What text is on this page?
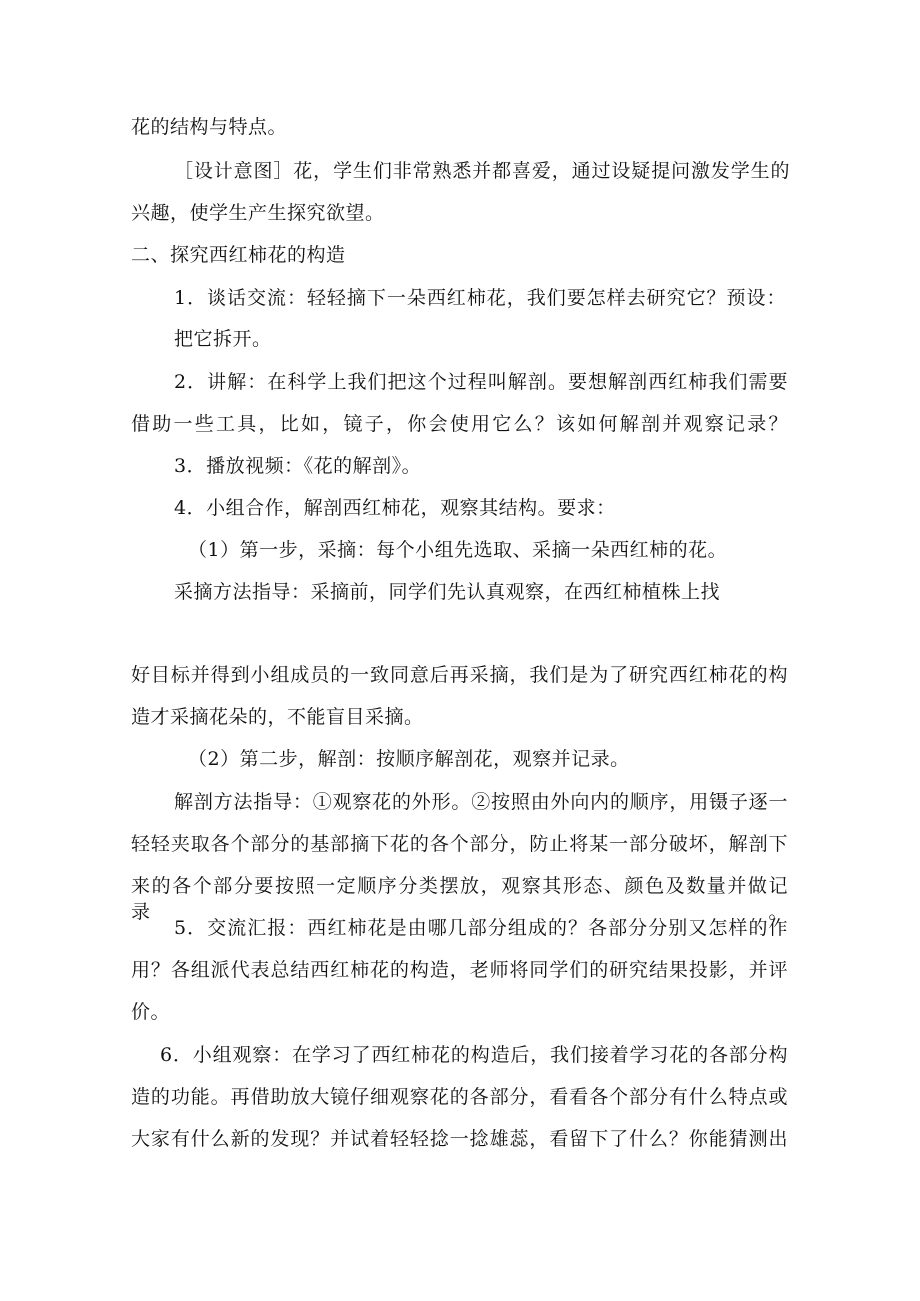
花的结构与特点。
［设计意图］花，学生们非常熟悉并都喜爱，通过设疑提问激发学生的
兴趣，使学生产生探究欲望。
二、探究西红柿花的构造
1．谈话交流：轻轻摘下一朵西红柿花，我们要怎样去研究它？预设：
把它拆开。
2．讲解：在科学上我们把这个过程叫解剖。要想解剖西红柿我们需要
借助一些工具，比如，镜子，你会使用它么？该如何解剖并观察记录？
3．播放视频：《花的解剖》。
4．小组合作，解剖西红柿花，观察其结构。要求：
（1）第一步，采摘：每个小组先选取、采摘一朵西红柿的花。
采摘方法指导：采摘前，同学们先认真观察，在西红柿植株上找
好目标并得到小组成员的一致同意后再采摘，我们是为了研究西红柿花的构
造才采摘花朵的，不能盲目采摘。
（2）第二步，解剖：按顺序解剖花，观察并记录。
解剖方法指导：①观察花的外形。②按照由外向内的顺序，用镊子逐一
轻轻夹取各个部分的基部摘下花的各个部分，防止将某一部分破坏，解剖下
来的各个部分要按照一定顺序分类摆放，观察其形态、颜色及数量并做记录。
5．交流汇报：西红柿花是由哪几部分组成的？各部分分别又怎样的作
用？各组派代表总结西红柿花的构造，老师将同学们的研究结果投影，并评
价。
6．小组观察：在学习了西红柿花的构造后，我们接着学习花的各部分构
造的功能。再借助放大镜仔细观察花的各部分，看看各个部分有什么特点或
大家有什么新的发现？并试着轻轻捻一捻雄蕊，看留下了什么？你能猜测出
